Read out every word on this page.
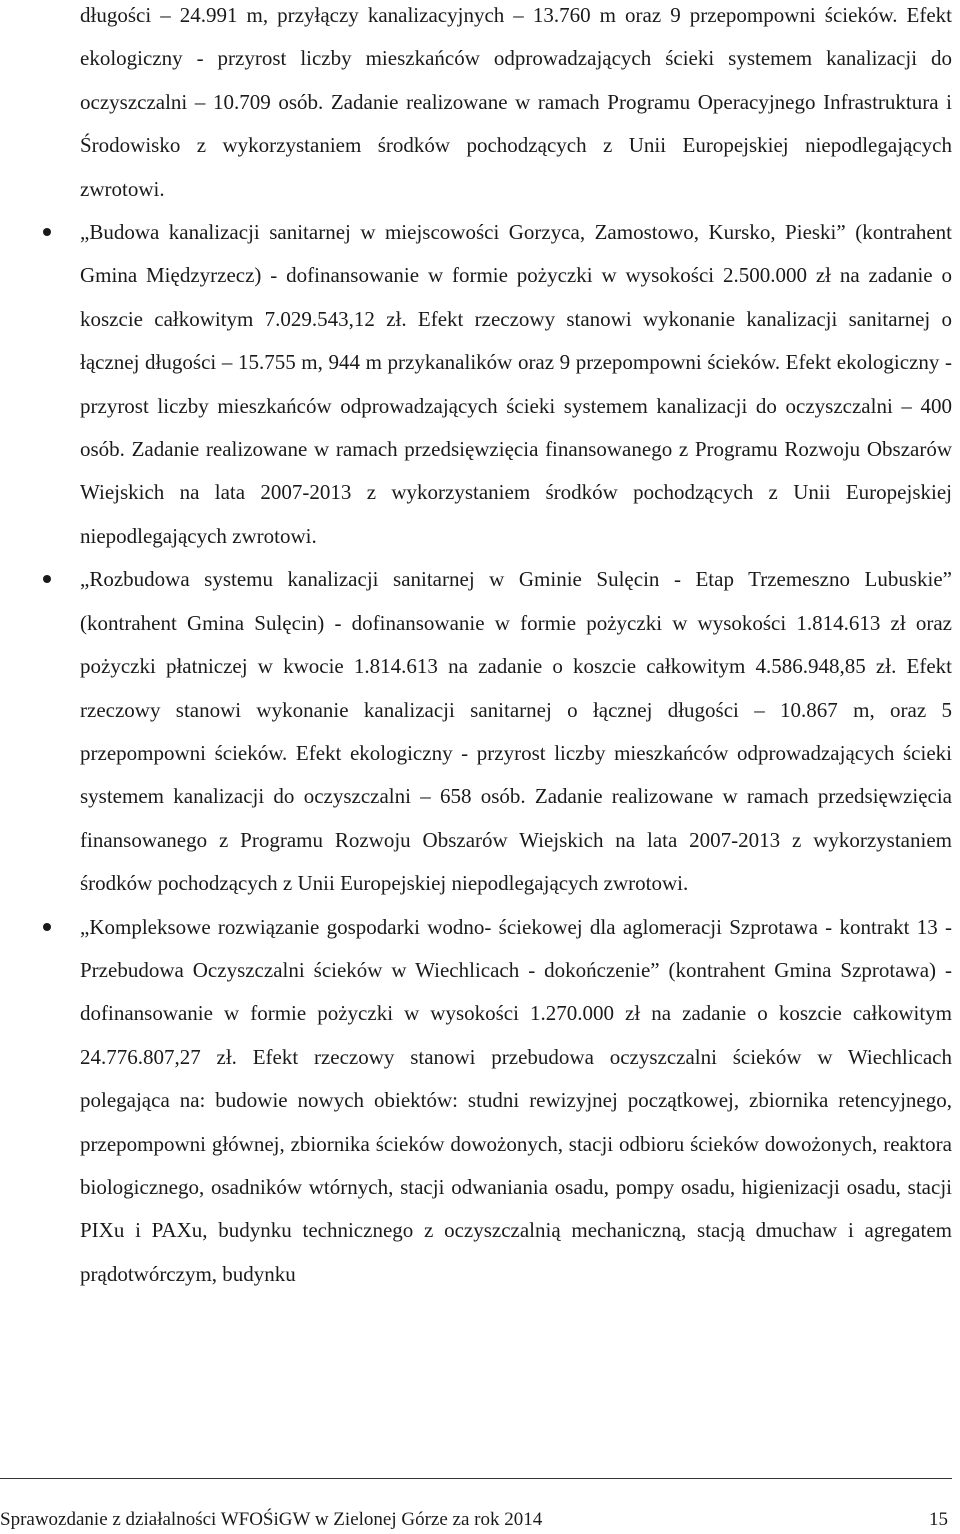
długości – 24.991 m, przyłączy kanalizacyjnych – 13.760 m oraz 9 przepompowni ścieków. Efekt ekologiczny - przyrost liczby mieszkańców odprowadzających ścieki systemem kanalizacji do oczyszczalni – 10.709 osób. Zadanie realizowane w ramach Programu Operacyjnego Infrastruktura i Środowisko z wykorzystaniem środków pochodzących z Unii Europejskiej niepodlegających zwrotowi.

„Budowa kanalizacji sanitarnej w miejscowości Gorzyca, Zamostowo, Kursko, Pieski” (kontrahent Gmina Międzyrzecz) - dofinansowanie w formie pożyczki w wysokości 2.500.000 zł na zadanie o koszcie całkowitym 7.029.543,12 zł. Efekt rzeczowy stanowi wykonanie kanalizacji sanitarnej o łącznej długości – 15.755 m, 944 m przykanalików oraz 9 przepompowni ścieków. Efekt ekologiczny - przyrost liczby mieszkańców odprowadzających ścieki systemem kanalizacji do oczyszczalni – 400 osób. Zadanie realizowane w ramach przedsięwzięcia finansowanego z Programu Rozwoju Obszarów Wiejskich na lata 2007-2013 z wykorzystaniem środków pochodzących z Unii Europejskiej niepodlegających zwrotowi.
„Rozbudowa systemu kanalizacji sanitarnej w Gminie Sulęcin - Etap Trzemeszno Lubuskie” (kontrahent Gmina Sulęcin) - dofinansowanie w formie pożyczki w wysokości 1.814.613 zł oraz pożyczki płatniczej w kwocie 1.814.613 na zadanie o koszcie całkowitym 4.586.948,85 zł. Efekt rzeczowy stanowi wykonanie kanalizacji sanitarnej o łącznej długości – 10.867 m, oraz 5 przepompowni ścieków. Efekt ekologiczny - przyrost liczby mieszkańców odprowadzających ścieki systemem kanalizacji do oczyszczalni – 658 osób. Zadanie realizowane w ramach przedsięwzięcia finansowanego z Programu Rozwoju Obszarów Wiejskich na lata 2007-2013 z wykorzystaniem środków pochodzących z Unii Europejskiej niepodlegających zwrotowi.
„Kompleksowe rozwiązanie gospodarki wodno- ściekowej dla aglomeracji Szprotawa - kontrakt 13 - Przebudowa Oczyszczalni ścieków w Wiechlicach - dokończenie” (kontrahent Gmina Szprotawa) - dofinansowanie w formie pożyczki w wysokości 1.270.000 zł na zadanie o koszcie całkowitym 24.776.807,27 zł. Efekt rzeczowy stanowi przebudowa oczyszczalni ścieków w Wiechlicach polegająca na: budowie nowych obiektów: studni rewizyjnej początkowej, zbiornika retencyjnego, przepompowni głównej, zbiornika ścieków dowożonych, stacji odbioru ścieków dowożonych, reaktora biologicznego, osadników wtórnych, stacji odwaniania osadu, pompy osadu, higienizacji osadu, stacji PIXu i PAXu, budynku technicznego z oczyszczalnią mechaniczną, stacją dmuchaw i agregatem prądotwórczym, budynku
Sprawozdanie z działalności WFOŚiGW w Zielonej Górze za rok 2014	15
